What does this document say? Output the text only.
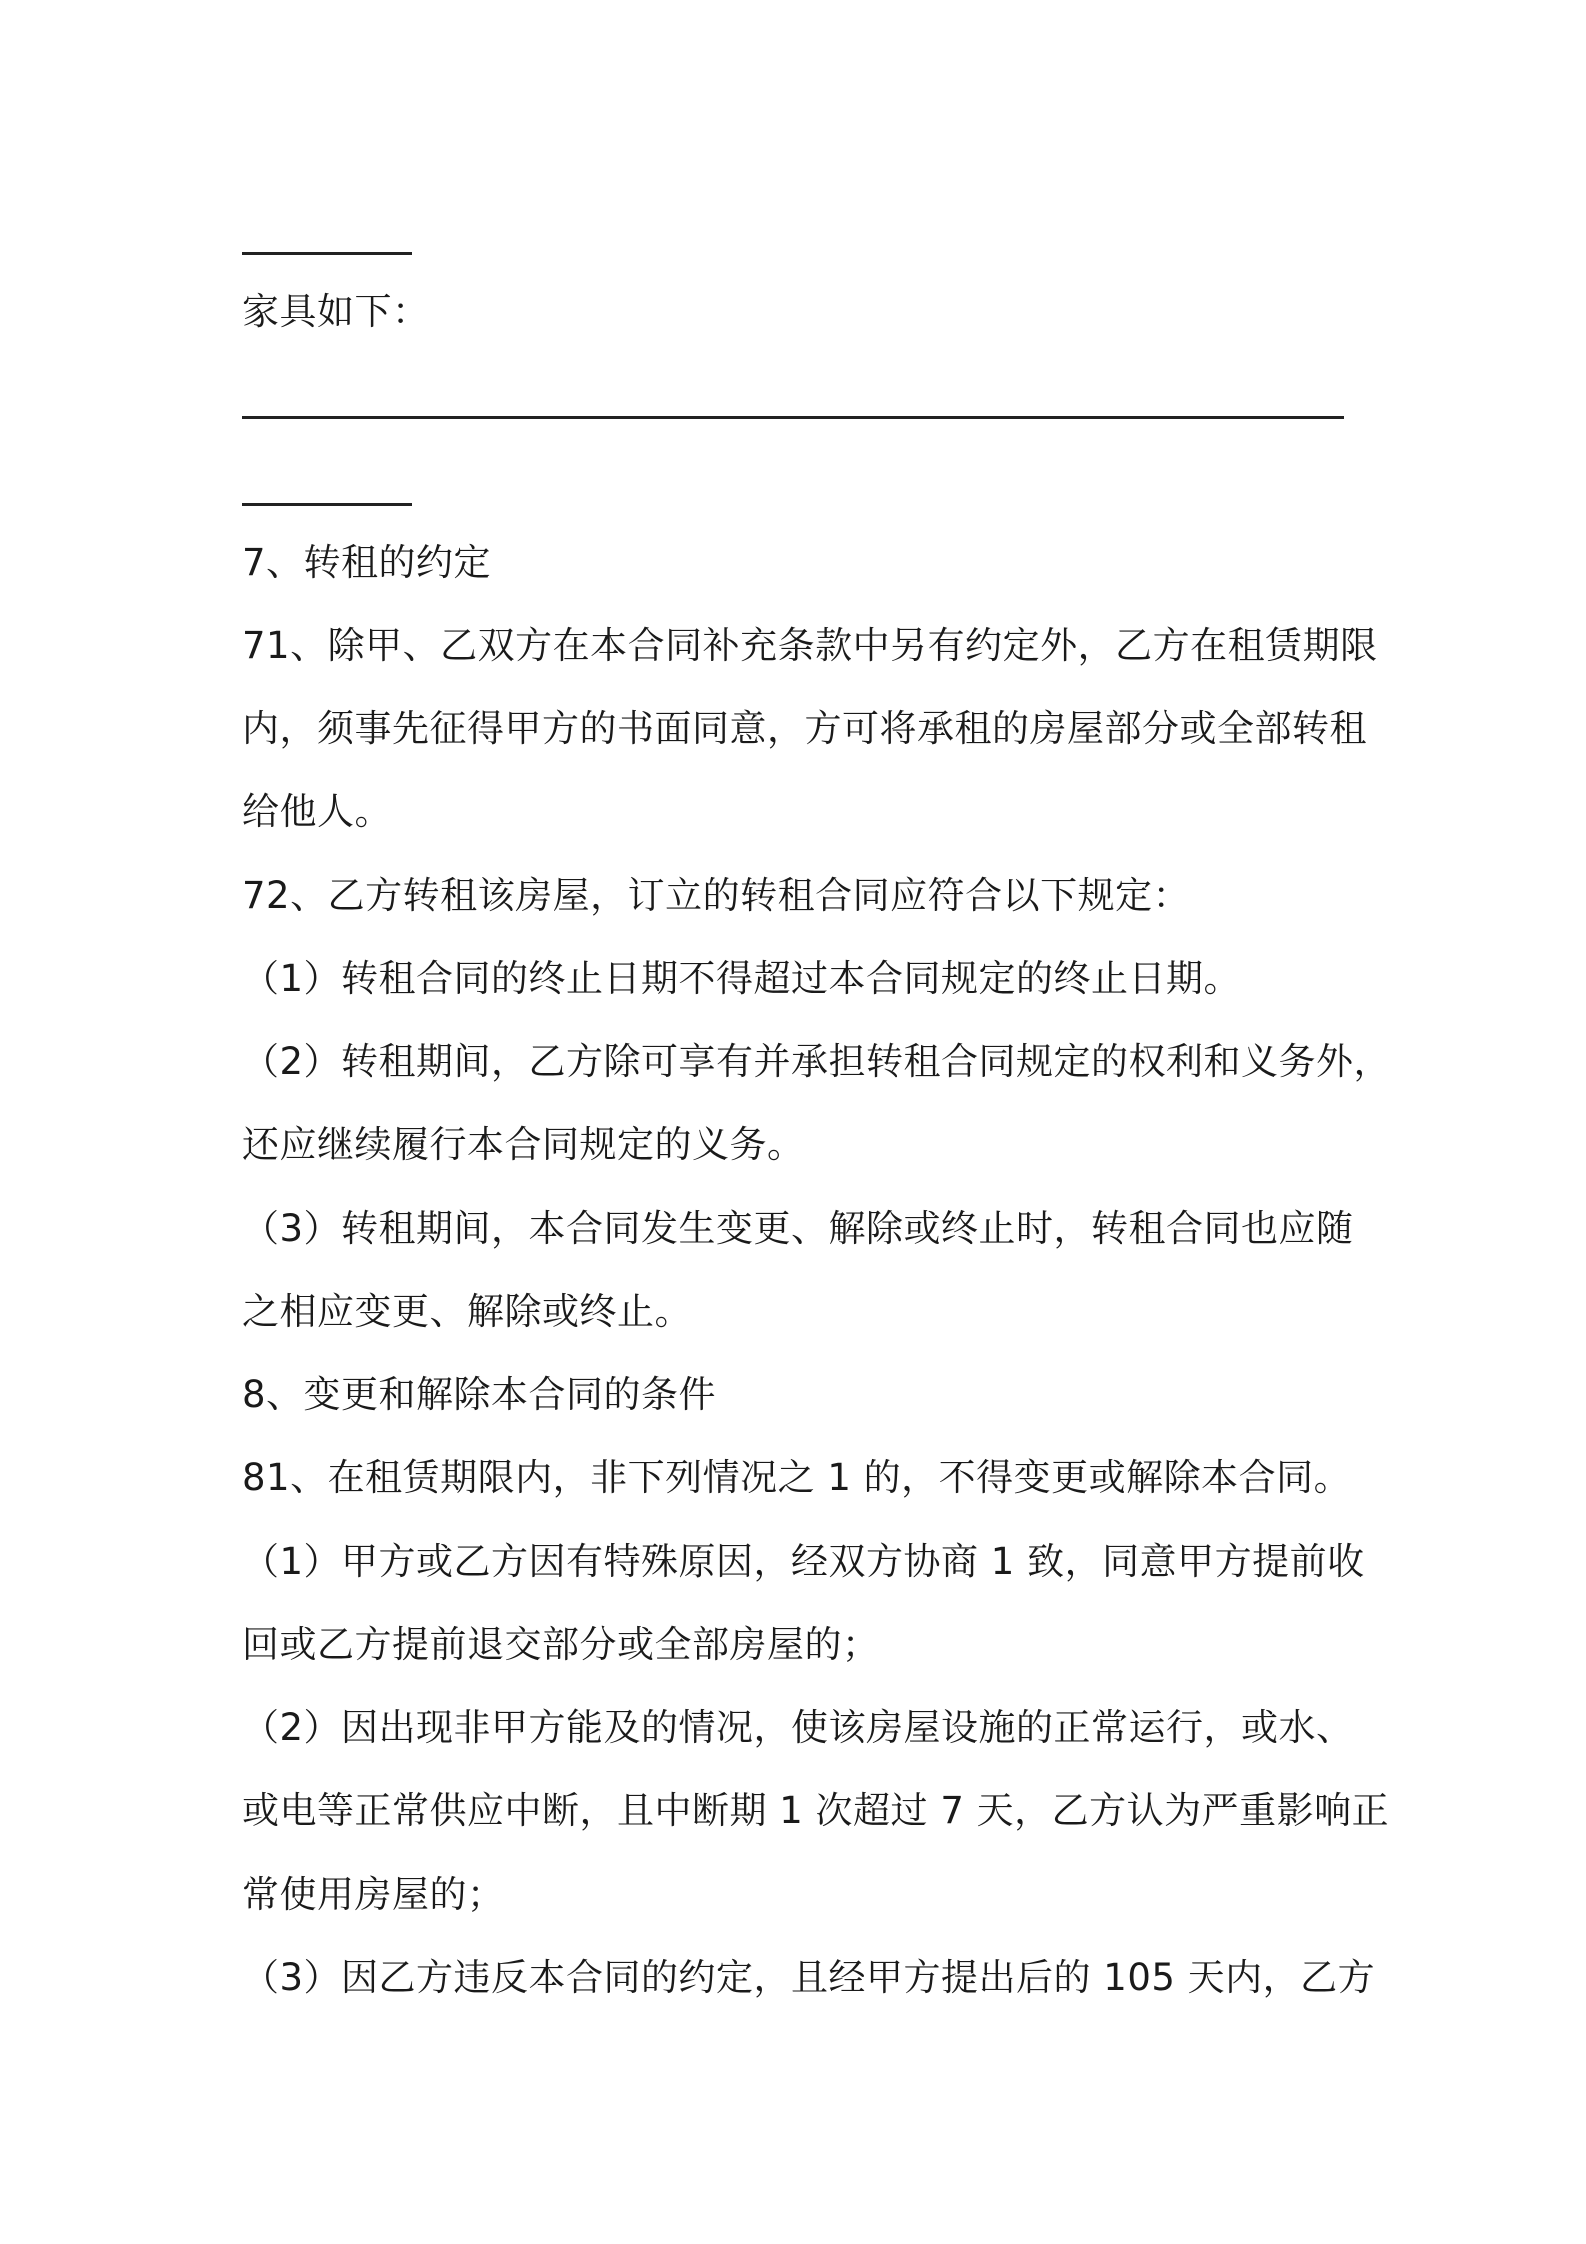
家具如下：
7、转租的约定
71、除甲、乙双方在本合同补充条款中另有约定外，乙方在租赁期限
内，须事先征得甲方的书面同意，方可将承租的房屋部分或全部转租
给他人。
72、乙方转租该房屋，订立的转租合同应符合以下规定：
（1）转租合同的终止日期不得超过本合同规定的终止日期。
（2）转租期间，乙方除可享有并承担转租合同规定的权利和义务外，
还应继续履行本合同规定的义务。
（3）转租期间，本合同发生变更、解除或终止时，转租合同也应随
之相应变更、解除或终止。
8、变更和解除本合同的条件
81、在租赁期限内，非下列情况之 1 的，不得变更或解除本合同。
（1）甲方或乙方因有特殊原因，经双方协商 1 致，同意甲方提前收
回或乙方提前退交部分或全部房屋的；
（2）因出现非甲方能及的情况，使该房屋设施的正常运行，或水、
或电等正常供应中断，且中断期 1 次超过 7 天，乙方认为严重影响正
常使用房屋的；
（3）因乙方违反本合同的约定，且经甲方提出后的 105 天内，乙方
